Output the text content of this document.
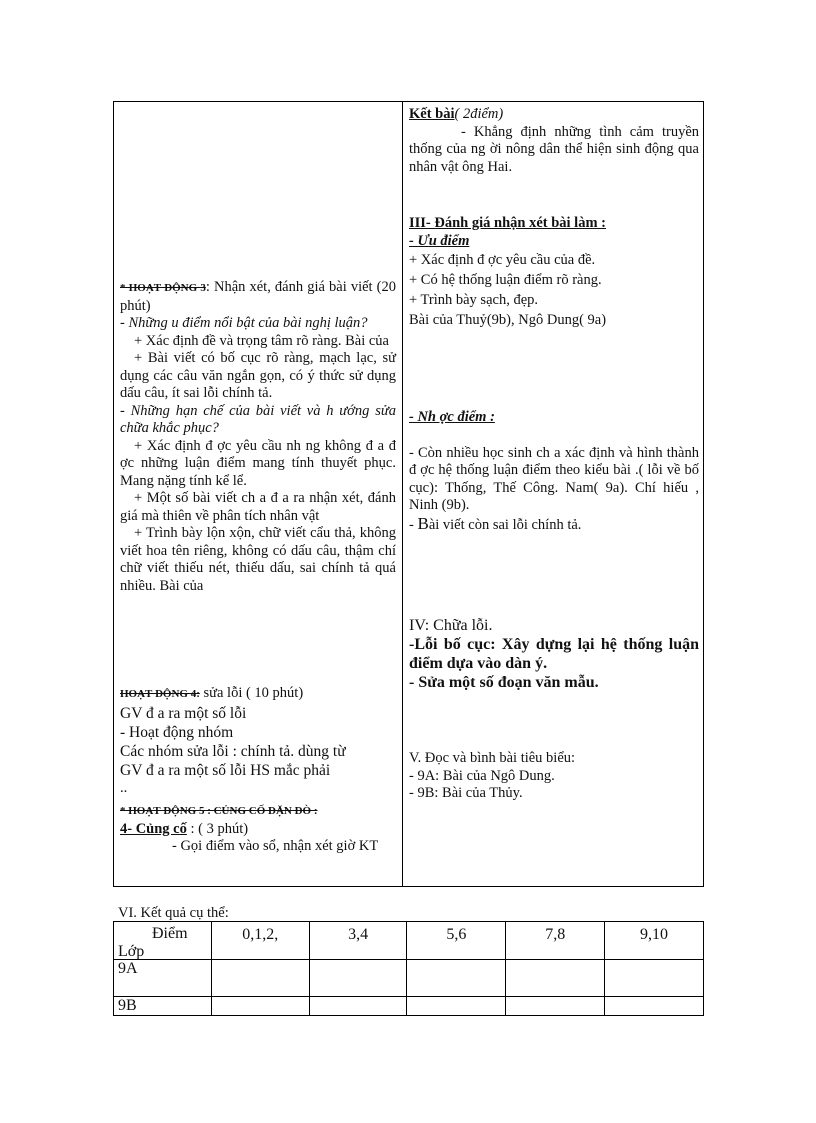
* HOẠT ĐỘNG 3: Nhận xét, đánh giá bài viết (20 phút)

- Những u điểm nổi bật của bài nghị luận?

+ Xác định đề và trọng tâm rõ ràng. Bài của

+ Bài viết có bố cục rõ ràng, mạch lạc, sử dụng các câu văn ngắn gọn, có ý thức sử dụng dấu câu, ít sai lỗi chính tả.

- Những hạn chế của bài viết và h ướng sửa chữa khắc phục?

+ Xác định đ ợc yêu cầu nh ng không đ a đ ợc những luận điểm mang tính thuyết phục. Mang nặng tính kể lể.

+ Một số bài viết ch a đ a ra nhận xét, đánh giá mà thiên về phân tích nhân vật

+ Trình bày lộn xộn, chữ viết cẩu thả, không viết hoa tên riêng, không có dấu câu, thậm chí chữ viết thiếu nét, thiếu dấu, sai chính tả quá nhiều. Bài của

HOẠT ĐỘNG 4: sửa lỗi ( 10 phút)

GV đ a ra một số lỗi

- Hoạt động nhóm

Các nhóm sửa lỗi : chính tả. dùng từ

GV đ a ra một số lỗi HS mắc phải

..

* HOẠT ĐỘNG 5 : CỦNG CỐ DẶN DÒ :

4- Củng cố : ( 3 phút)

- Gọi điểm vào sổ, nhận xét giờ KT

Kết bài( 2điểm)

- Khẳng định những tình cảm truyền thống của ng ời nông dân thể hiện sinh động qua nhân vật ông Hai.

III- Đánh giá nhận xét bài làm :

- Ưu điểm

+ Xác định đ ợc yêu cầu của đề.

+ Có hệ thống luận điểm rõ ràng.

+ Trình bày sạch, đẹp.

Bài của Thuỷ(9b), Ngô Dung( 9a)

- Nh ợc điểm :

- Còn nhiều học sinh ch a xác định và hình thành đ ợc hệ thống luận điểm theo kiểu bài .( lỗi về bố cục): Thống, Thế Công. Nam( 9a). Chí hiếu , Ninh (9b).

- Bài viết còn sai lỗi chính tả.

IV: Chữa lỗi.

-Lỗi bố cục: Xây dựng lại hệ thống luận điểm dựa vào dàn ý.

- Sửa một số đoạn văn mẫu.

V. Đọc và bình bài tiêu biểu:

- 9A: Bài của Ngô Dung.

- 9B: Bài của Thủy.

VI. Kết quả cụ thể:
Điểm
Lớp	0,1,2,	3,4	5,6	7,8	9,10
9A					
9B					
